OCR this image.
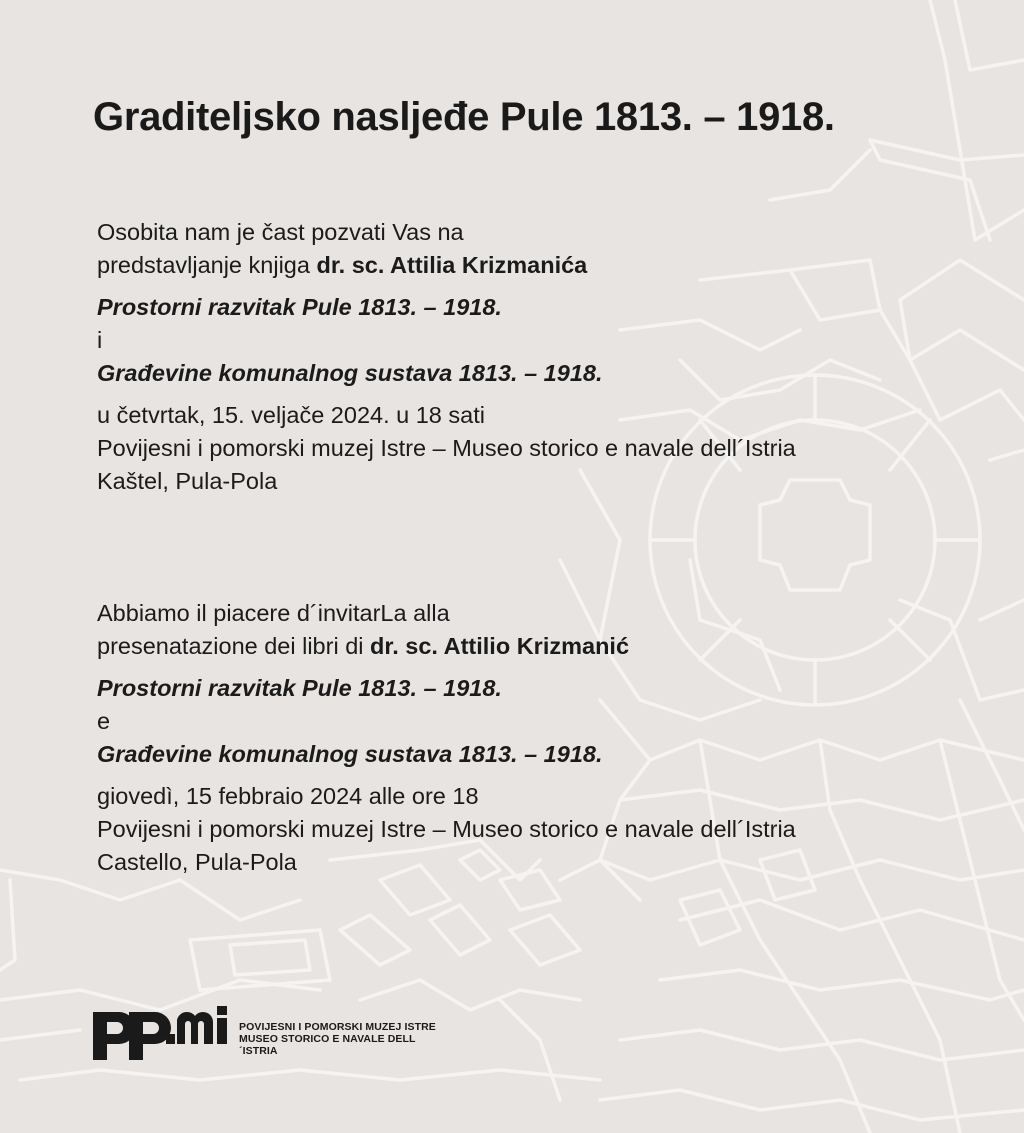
Graditeljsko nasljeđe Pule 1813. – 1918.
Osobita nam je čast pozvati Vas na
predstavljanje knjiga dr. sc. Attilia Krizmanića
Prostorni razvitak Pule 1813. – 1918.
i
Građevine komunalnog sustava 1813. – 1918.
u četvrtak, 15. veljače 2024. u 18 sati
Povijesni i pomorski muzej Istre – Museo storico e navale dell´Istria
Kaštel, Pula-Pola
Abbiamo il piacere d´invitarLa alla
presenatazione dei libri di dr. sc. Attilio Krizmanić
Prostorni razvitak Pule 1813. – 1918.
e
Građevine komunalnog sustava 1813. – 1918.
giovedì, 15 febbraio 2024 alle ore 18
Povijesni i pomorski muzej Istre – Museo storico e navale dell´Istria
Castello, Pula-Pola
POVIJESNI I POMORSKI MUZEJ ISTRE
MUSEO STORICO E NAVALE DELL´ISTRIA
